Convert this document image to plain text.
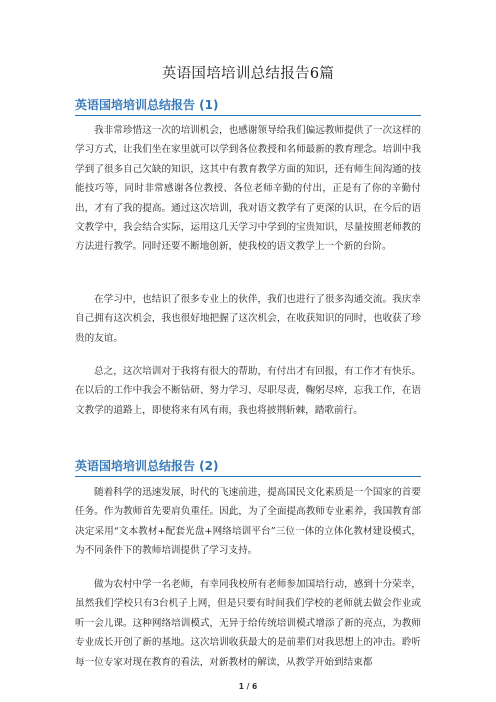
英语国培培训总结报告6篇
英语国培培训总结报告 (1)

我非常珍惜这一次的培训机会，也感谢领导给我们偏远教师提供了一次这样的学习方式，让我们坐在家里就可以学到各位教授和名师最新的教育理念。培训中我学到了很多自己欠缺的知识，这其中有教育教学方面的知识，还有师生间沟通的技能技巧等，同时非常感谢各位教授、各位老师辛勤的付出，正是有了你的辛勤付出，才有了我的提高。通过这次培训，我对语文教学有了更深的认识，在今后的语文教学中，我会结合实际，运用这几天学习中学到的宝贵知识，尽量按照老师教的方法进行教学。同时还要不断地创新，使我校的语文教学上一个新的台阶。

在学习中，也结识了很多专业上的伙伴，我们也进行了很多沟通交流。我庆幸自己拥有这次机会，我也很好地把握了这次机会，在收获知识的同时，也收获了珍贵的友谊。

总之，这次培训对于我将有很大的帮助，有付出才有回报，有工作才有快乐。在以后的工作中我会不断钻研、努力学习、尽职尽责，鞠躬尽瘁，忘我工作，在语文教学的道路上，即使将来有风有雨，我也将披荆斩棘，踏歌前行。

英语国培培训总结报告 (2)

随着科学的迅速发展，时代的飞速前进，提高国民文化素质是一个国家的首要任务。作为教师首先要肩负重任。因此，为了全面提高教师专业素养，我国教育部决定采用“文本教材+配套光盘+网络培训平台”三位一体的立体化教材建设模式，为不同条件下的教师培训提供了学习支持。

做为农村中学一名老师，有幸同我校所有老师参加国培行动，感到十分荣幸，虽然我们学校只有3台机子上网，但是只要有时间我们学校的老师就去做会作业或听一会儿课。这种网络培训模式，无异于给传统培训模式增添了新的亮点，为教师专业成长开创了新的基地。这次培训收获最大的是前辈们对我思想上的冲击。聆听每一位专家对现在教育的看法，对新教材的解读，从教学开始到结束都

1 / 6
